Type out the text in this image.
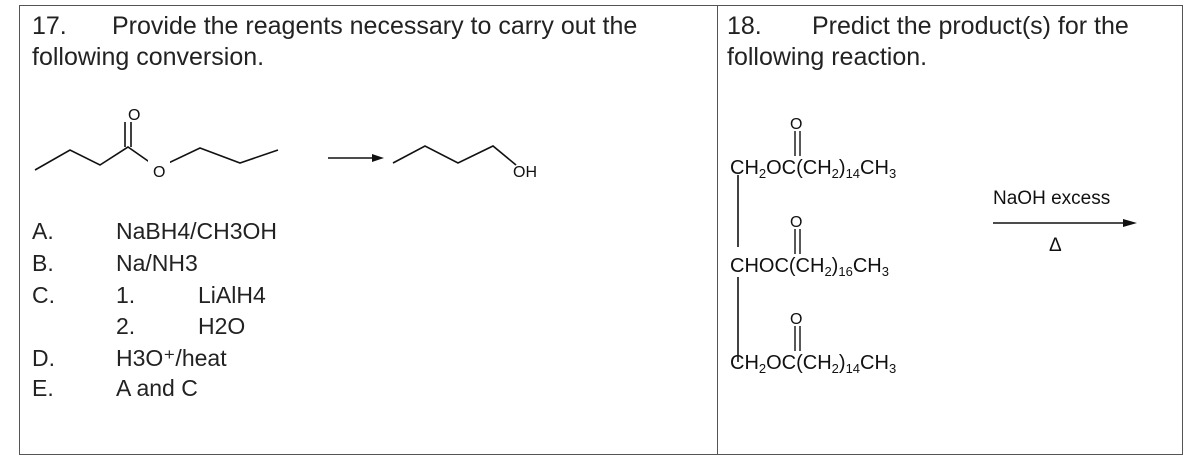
17. Provide the reagents necessary to carry out the following conversion.
O
O	OH
O
O
O
A.	NaBH4/CH3OH
B.	Na/NH3
C.	1.	LiAlH4
2.	H2O
D.	H3O⁺/heat
E.	A and C
18. Predict the product(s) for the following reaction.
$CH_2OC(CH_2)_{14}CH_3$
$CHOC(CH_2)_{16}CH_3$
$CH_2OC(CH_2)_{14}CH_3$
NaOH excess
Δ
